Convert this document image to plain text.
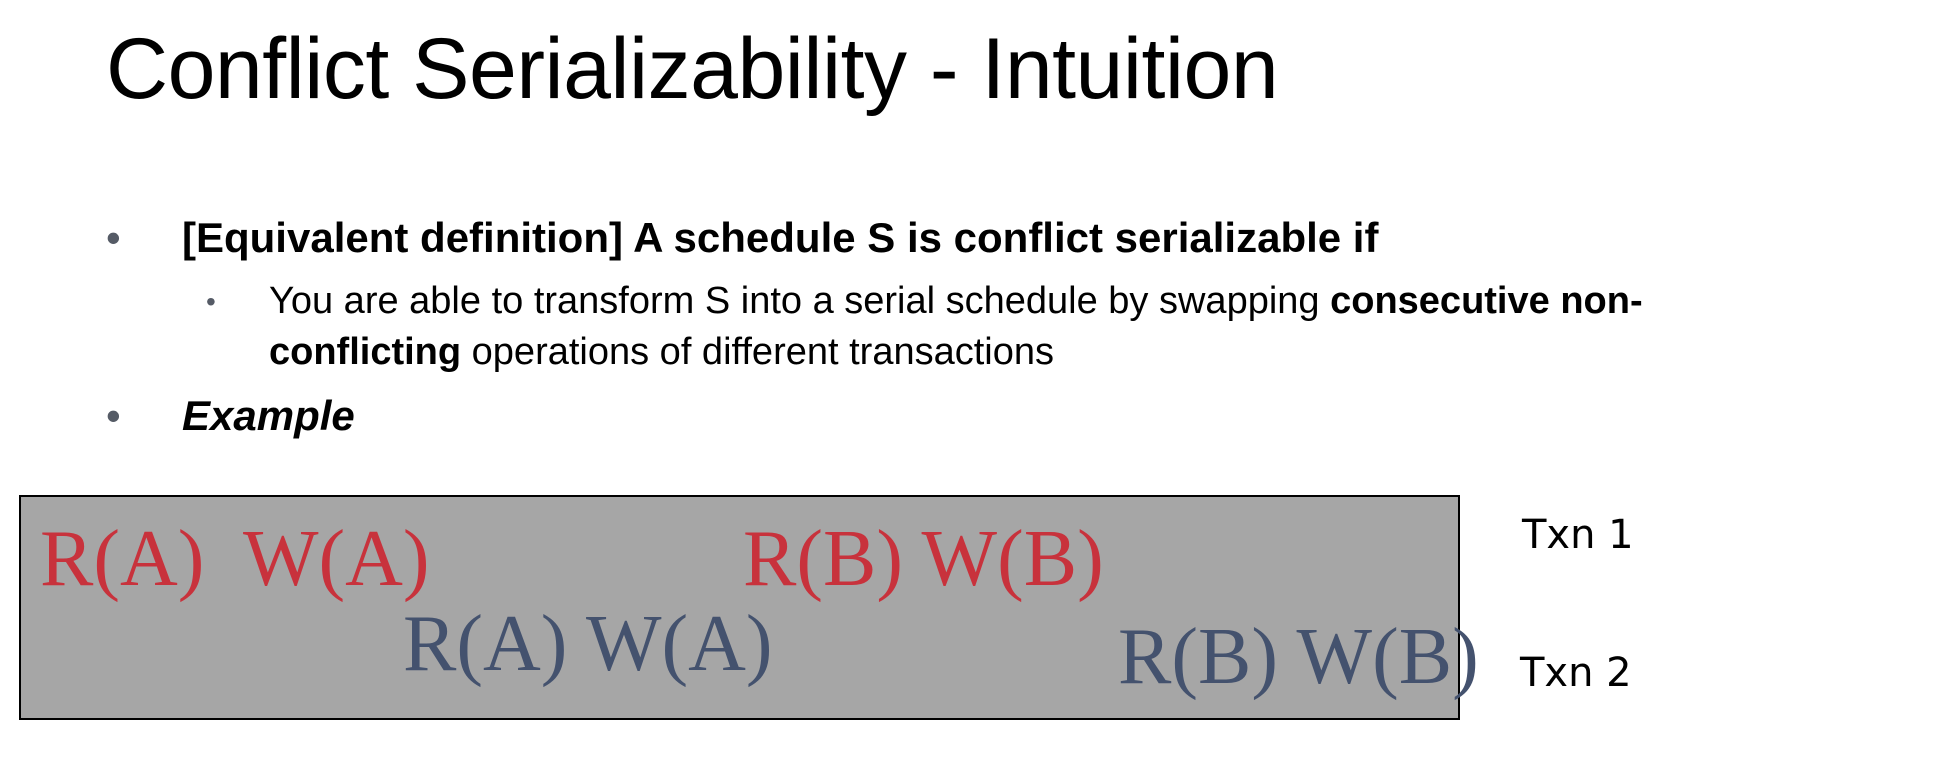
Conflict Serializability - Intuition
• [Equivalent definition] A schedule S is conflict serializable if
• You are able to transform S into a serial schedule by swapping consecutive non-
conflicting operations of different transactions
• Example
R(A)  W(A)	R(B) W(B)
R(A) W(A)	R(B) W(B)
Txn 1
Txn 2
